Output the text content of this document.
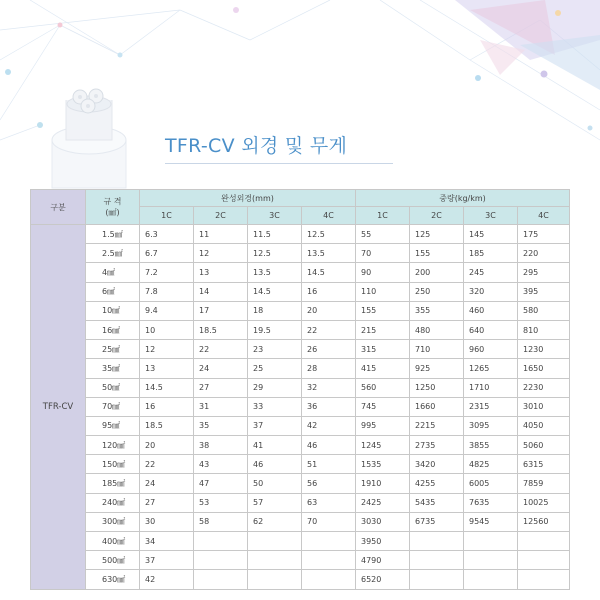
TFR-CV 외경 및 무게
구분	규 격
(㎟)	완성외경(mm)				중량(kg/km)			
		1C	2C	3C	4C	1C	2C	3C	4C
TFR-CV	1.5㎟	6.3	11	11.5	12.5	55	125	145	175
	2.5㎟	6.7	12	12.5	13.5	70	155	185	220
	4㎟	7.2	13	13.5	14.5	90	200	245	295
	6㎟	7.8	14	14.5	16	110	250	320	395
	10㎟	9.4	17	18	20	155	355	460	580
	16㎟	10	18.5	19.5	22	215	480	640	810
	25㎟	12	22	23	26	315	710	960	1230
	35㎟	13	24	25	28	415	925	1265	1650
	50㎟	14.5	27	29	32	560	1250	1710	2230
	70㎟	16	31	33	36	745	1660	2315	3010
	95㎟	18.5	35	37	42	995	2215	3095	4050
	120㎟	20	38	41	46	1245	2735	3855	5060
	150㎟	22	43	46	51	1535	3420	4825	6315
	185㎟	24	47	50	56	1910	4255	6005	7859
	240㎟	27	53	57	63	2425	5435	7635	10025
	300㎟	30	58	62	70	3030	6735	9545	12560
	400㎟	34				3950			
	500㎟	37				4790			
	630㎟	42				6520			
